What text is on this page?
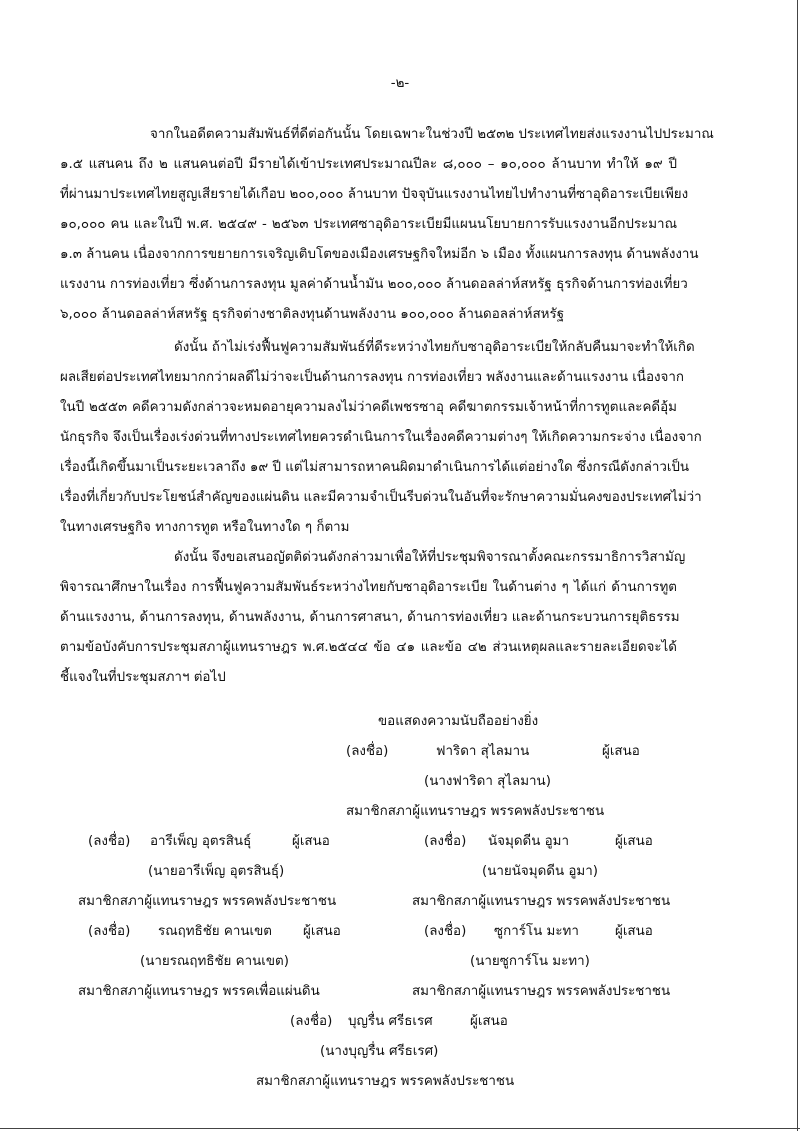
-๒-
จากในอดีตความสัมพันธ์ที่ดีต่อกันนั้น โดยเฉพาะในช่วงปี ๒๕๓๒ ประเทศไทยส่งแรงงานไปประมาณ
๑.๕ แสนคน ถึง ๒ แสนคนต่อปี มีรายได้เข้าประเทศประมาณปีละ ๘,๐๐๐ – ๑๐,๐๐๐ ล้านบาท ทำให้ ๑๙ ปี
ที่ผ่านมาประเทศไทยสูญเสียรายได้เกือบ ๒๐๐,๐๐๐ ล้านบาท ปัจจุบันแรงงานไทยไปทำงานที่ซาอุดิอาระเบียเพียง
๑๐,๐๐๐ คน และในปี พ.ศ. ๒๕๔๙ - ๒๕๖๓ ประเทศซาอุดิอาระเบียมีแผนนโยบายการรับแรงงานอีกประมาณ
๑.๓ ล้านคน เนื่องจากการขยายการเจริญเติบโตของเมืองเศรษฐกิจใหม่อีก ๖ เมือง ทั้งแผนการลงทุน ด้านพลังงาน
แรงงาน การท่องเที่ยว ซึ่งด้านการลงทุน มูลค่าด้านน้ำมัน ๒๐๐,๐๐๐ ล้านดอลล่าห์สหรัฐ ธุรกิจด้านการท่องเที่ยว
๖,๐๐๐ ล้านดอลล่าห์สหรัฐ ธุรกิจต่างชาติลงทุนด้านพลังงาน ๑๐๐,๐๐๐ ล้านดอลล่าห์สหรัฐ
ดังนั้น ถ้าไม่เร่งฟื้นฟูความสัมพันธ์ที่ดีระหว่างไทยกับซาอุดิอาระเบียให้กลับคืนมาจะทำให้เกิด
ผลเสียต่อประเทศไทยมากกว่าผลดีไม่ว่าจะเป็นด้านการลงทุน การท่องเที่ยว พลังงานและด้านแรงงาน เนื่องจาก
ในปี ๒๕๕๓ คดีความดังกล่าวจะหมดอายุความลงไม่ว่าคดีเพชรซาอุ คดีฆาตกรรมเจ้าหน้าที่การทูตและคดีอุ้ม
นักธุรกิจ จึงเป็นเรื่องเร่งด่วนที่ทางประเทศไทยควรดำเนินการในเรื่องคดีความต่างๆ ให้เกิดความกระจ่าง เนื่องจาก
เรื่องนี้เกิดขึ้นมาเป็นระยะเวลาถึง ๑๙ ปี แต่ไม่สามารถหาคนผิดมาดำเนินการได้แต่อย่างใด ซึ่งกรณีดังกล่าวเป็น
เรื่องที่เกี่ยวกับประโยชน์สำคัญของแผ่นดิน และมีความจำเป็นรีบด่วนในอันที่จะรักษาความมั่นคงของประเทศไม่ว่า
ในทางเศรษฐกิจ ทางการทูต หรือในทางใด ๆ ก็ตาม
ดังนั้น จึงขอเสนอญัตติด่วนดังกล่าวมาเพื่อให้ที่ประชุมพิจารณาตั้งคณะกรรมาธิการวิสามัญ
พิจารณาศึกษาในเรื่อง การฟื้นฟูความสัมพันธ์ระหว่างไทยกับซาอุดิอาระเบีย ในด้านต่าง ๆ ได้แก่ ด้านการทูต
ด้านแรงงาน, ด้านการลงทุน, ด้านพลังงาน, ด้านการศาสนา, ด้านการท่องเที่ยว และด้านกระบวนการยุติธรรม
ตามข้อบังคับการประชุมสภาผู้แทนราษฎร พ.ศ.๒๕๔๔ ข้อ ๔๑ และข้อ ๔๒ ส่วนเหตุผลและรายละเอียดจะได้
ชี้แจงในที่ประชุมสภาฯ ต่อไป
ขอแสดงความนับถืออย่างยิ่ง
(ลงชื่อ)	ฟาริดา สุไลมาน	ผู้เสนอ
(นางฟาริดา สุไลมาน)
สมาชิกสภาผู้แทนราษฎร พรรคพลังประชาชน
(ลงชื่อ) อารีเพ็ญ อุตรสินธุ์	ผู้เสนอ
(นายอารีเพ็ญ อุตรสินธุ์)
สมาชิกสภาผู้แทนราษฎร พรรคพลังประชาชน
(ลงชื่อ) นัจมุดดีน อูมา	ผู้เสนอ
(นายนัจมุดดีน อูมา)
สมาชิกสภาผู้แทนราษฎร พรรคพลังประชาชน
(ลงชื่อ) รณฤทธิชัย คานเขต ผู้เสนอ
(นายรณฤทธิชัย คานเขต)
สมาชิกสภาผู้แทนราษฎร พรรคเพื่อแผ่นดิน
(ลงชื่อ) ซูการ์โน มะทา	ผู้เสนอ
(นายซูการ์โน มะทา)
สมาชิกสภาผู้แทนราษฎร พรรคพลังประชาชน
(ลงชื่อ) บุญรื่น ศรีธเรศ	ผู้เสนอ
(นางบุญรื่น ศรีธเรศ)
สมาชิกสภาผู้แทนราษฎร พรรคพลังประชาชน
